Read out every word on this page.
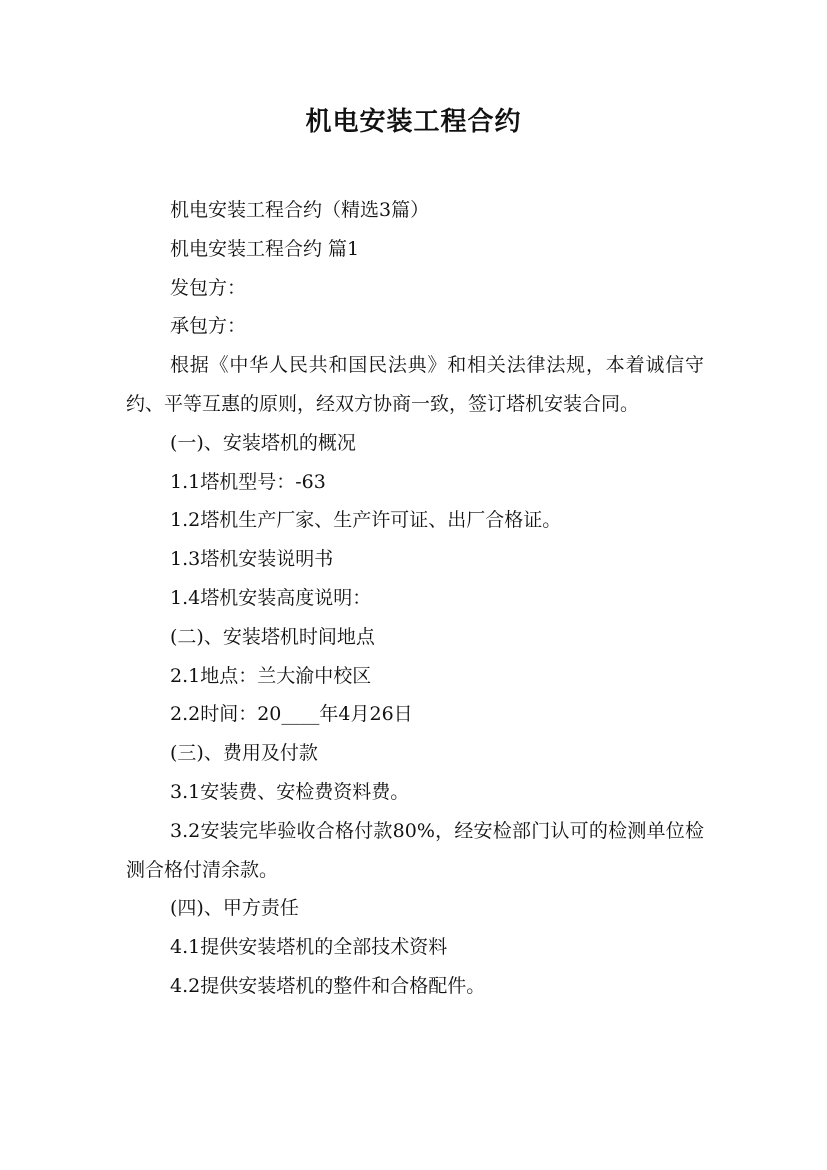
机电安装工程合约

机电安装工程合约（精选3篇）

机电安装工程合约 篇1

发包方：

承包方：

根据《中华人民共和国民法典》和相关法律法规，本着诚信守约、平等互惠的原则，经双方协商一致，签订塔机安装合同。

(一)、安装塔机的概况

1.1塔机型号：-63

1.2塔机生产厂家、生产许可证、出厂合格证。

1.3塔机安装说明书

1.4塔机安装高度说明：

(二)、安装塔机时间地点

2.1地点：兰大渝中校区

2.2时间：20____年4月26日

(三)、费用及付款

3.1安装费、安检费资料费。

3.2安装完毕验收合格付款80%，经安检部门认可的检测单位检测合格付清余款。

(四)、甲方责任

4.1提供安装塔机的全部技术资料

4.2提供安装塔机的整件和合格配件。
